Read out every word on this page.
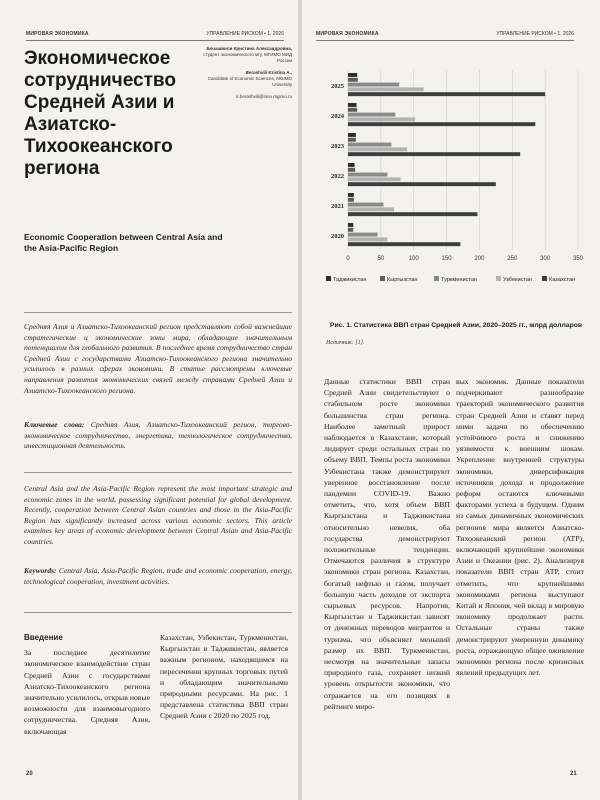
МИРОВАЯ ЭКОНОМИКА	УПРАВЛЕНИЕ РИСКОМ • 1, 2026
Экономическое сотрудничество Средней Азии и Азиатско-Тихоокеанского региона
Бочашвили Кристина Александровна,
студент экономического мгу, МГИМО МИД России
Berashvili Kristina A.,
Candidate of Economic Sciences, MGIMO University
k.berashvili@inno.mgimo.ru
Economic Cooperation between Central Asia and the Asia-Pacific Region

Средняя Азия и Азиатско-Тихоокеанский регион представляют собой важнейшие стратегические и экономические зоны мира, обладающие значительным потенциалом для глобального развития. В последнее время сотрудничество стран Средней Азии с государствами Азиатско-Тихоокеанского региона значительно усилилось в разных сферах экономики. В статье рассмотрены ключевые направления развития экономических связей между странами Средней Азии и Азиатско-Тихоокеанского региона.

Ключевые слова: Средняя Азия, Азиатско-Тихоокеанский регион, торгово-экономическое сотрудничество, энергетика, технологическое сотрудничество, инвестиционная деятельность.

Central Asia and the Asia-Pacific Region represent the most important strategic and economic zones in the world, possessing significant potential for global development. Recently, cooperation between Central Asian countries and those in the Asia-Pacific Region has significantly increased across various economic sectors. This article examines key areas of economic development between Central Asian and Asia-Pacific countries.

Keywords: Central Asia, Asia-Pacific Region, trade and economic cooperation, energy, technological cooperation, investment activities.

Введение
За последнее десятилетие экономическое взаимодействие стран Средней Азии с государствами Азиатско-Тихоокеанского региона значительно усилилось, открыв новые возможности для взаимовыгодного сотрудничества. Средняя Азия, включающая
Казахстан, Узбекистан, Туркменистан, Кыргызстан и Таджикистан, является важным регионом, находящимся на пересечении крупных торговых путей и обладающим значительными природными ресурсами. На рис. 1 представлена статистика ВВП стран Средней Азии с 2020 по 2025 год.
20
МИРОВАЯ ЭКОНОМИКА	УПРАВЛЕНИЕ РИСКОМ • 1, 2026
0	50	100	150	200	250	300	350
2025
2024
2023
2022
2021
2020
Таджикистан	Кыргызстан	Туркменистан	Узбекистан	Казахстан

Рис. 1. Статистика ВВП стран Средней Азии, 2020–2025 гг., млрд долларов

Источник: [1].

Данные статистики ВВП стран Средней Азии свидетельствуют о стабильном росте экономики большинства стран региона. Наиболее заметный прирост наблюдается в Казахстане, который лидирует среди остальных стран по объему ВВП. Темпы роста экономики Узбекистана также демонстрируют уверенное восстановление после пандемии COVID-19. Важно отметить, что, хотя объем ВВП Кыргызстана и Таджикистана относительно невелик, оба государства демонстрируют положительные тенденции. Отмечаются различия в структуре экономики стран региона. Казахстан, богатый нефтью и газом, получает большую часть доходов от экспорта сырьевых ресурсов. Напротив, Кыргызстан и Таджикистан зависят от денежных переводов мигрантов и туризма, что объясняет меньший размер их ВВП. Туркменистан, несмотря на значительные запасы природного газа, сохраняет низкий уровень открытости экономики, что отражается на его позициях в рейтинге миро-
вых экономик. Данные показатели подчеркивают разнообразие траекторий экономического развития стран Средней Азии и ставят перед ними задачи по обеспечению устойчивого роста и снижению уязвимости к внешним шокам. Укрепление внутренней структуры экономики, диверсификация источников дохода и продолжение реформ остаются ключевыми факторами успеха в будущем. Одним из самых динамичных экономических регионов мира является Азиатско-Тихоокеанский регион (АТР), включающий крупнейшие экономики Азии и Океании (рис. 2). Анализируя показатели ВВП стран АТР, стоит отметить, что крупнейшими экономиками региона выступают Китай и Япония, чей вклад в мировую экономику продолжает расти. Остальные страны также демонстрируют умеренную динамику роста, отражающую общее оживление экономики региона после кризисных явлений предыдущих лет.
21
